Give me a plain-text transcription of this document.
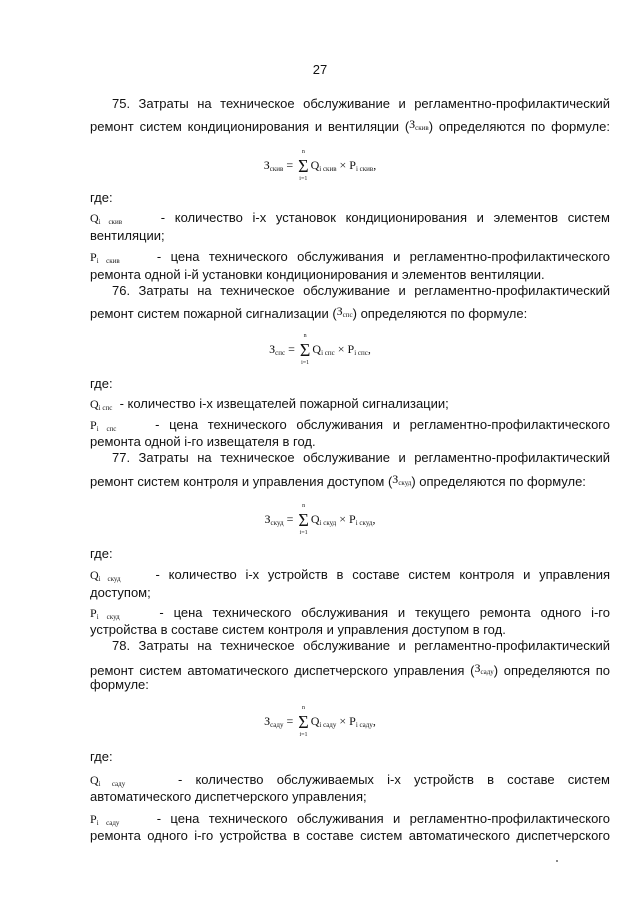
27
75. Затраты на техническое обслуживание и регламентно-профилактический
ремонт систем кондиционирования и вентиляции $(З_{скив})$ определяются по формуле:
$З_{скив}$ =
n
Σ
i=1
$Q_{i скив} \times P_{i скив}$,
где:
$Q_{i скив}$	- количество i-х установок кондиционирования и элементов систем
вентиляции;
$P_{i скив}$	- цена технического обслуживания и регламентно-профилактического
ремонта одной i-й установки кондиционирования и элементов вентиляции.
76. Затраты на техническое обслуживание и регламентно-профилактический
ремонт систем пожарной сигнализации $(З_{спс})$ определяются по формуле:
$З_{спс}$ =
n
Σ
i=1
$Q_{i спс} \times P_{i спс}$,
где:
$Q_{i спс}$ - количество i-х извещателей пожарной сигнализации;
$P_{i спс}$	- цена технического обслуживания и регламентно-профилактического
ремонта одной i-го извещателя в год.
77. Затраты на техническое обслуживание и регламентно-профилактический
ремонт систем контроля и управления доступом $(З_{скуд})$ определяются по формуле:
$З_{скуд}$ =
n
Σ
i=1
$Q_{i скуд} \times P_{i скуд}$,
где:
$Q_{i скуд}$	- количество i-х устройств в составе систем контроля и управления
доступом;
$P_{i скуд}$	- цена технического обслуживания и текущего ремонта одного i-го
устройства в составе систем контроля и управления доступом в год.
78. Затраты на техническое обслуживание и регламентно-профилактический
ремонт систем автоматического диспетчерского управления $(З_{сaду})$ определяются по
формуле:
$З_{сaду}$ =
n
Σ
i=1
$Q_{i сaду} \times P_{i сaду}$,
где:
$Q_{i сaду}$	- количество обслуживаемых i-х устройств в составе систем
автоматического диспетчерского управления;
$P_{i сaду}$	- цена технического обслуживания и регламентно-профилактического
ремонта одного i-го устройства в составе систем автоматического диспетчерского
